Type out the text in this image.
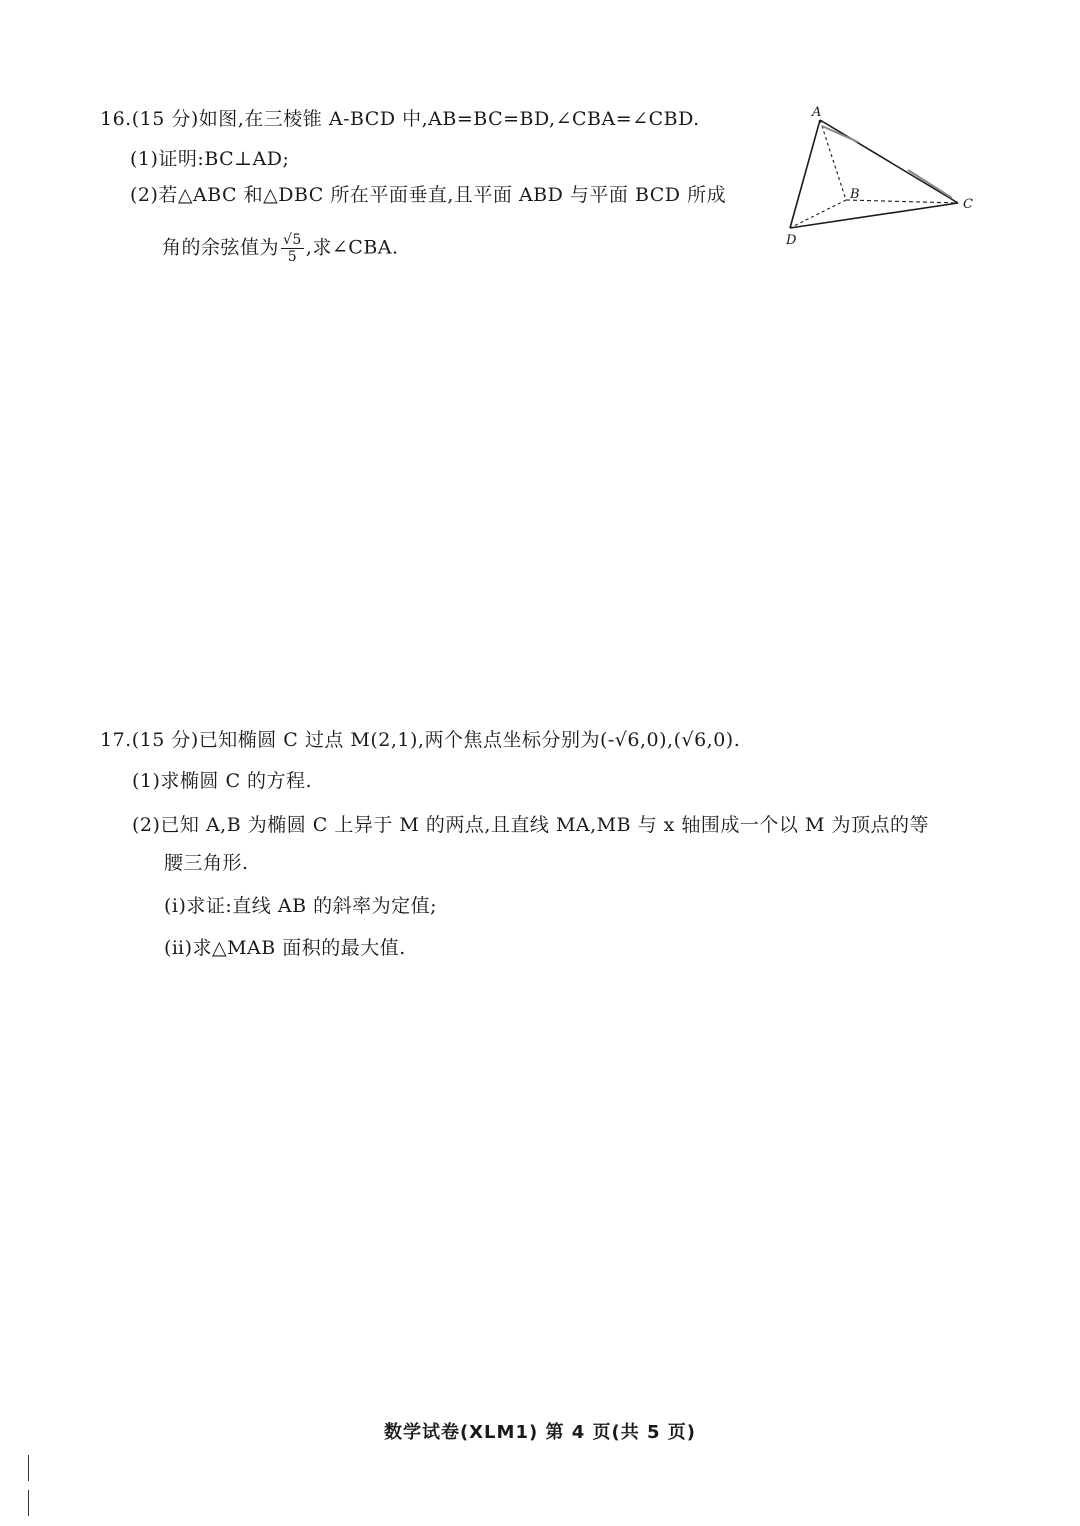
16.(15 分)如图,在三棱锥 A-BCD 中,AB=BC=BD,∠CBA=∠CBD.
(1)证明:BC⊥AD;
(2)若△ABC 和△DBC 所在平面垂直,且平面 ABD 与平面 BCD 所成
角的余弦值为 $\frac{√5}{5}$ ,求∠CBA.
A
B
C
D
17.(15 分)已知椭圆 C 过点 M(2,1),两个焦点坐标分别为(-√6,0),(√6,0).
(1)求椭圆 C 的方程.
(2)已知 A,B 为椭圆 C 上异于 M 的两点,且直线 MA,MB 与 x 轴围成一个以 M 为顶点的等
腰三角形.
(ⅰ)求证:直线 AB 的斜率为定值;
(ⅱ)求△MAB 面积的最大值.
数学试卷(XLM1) 第 4 页(共 5 页)
